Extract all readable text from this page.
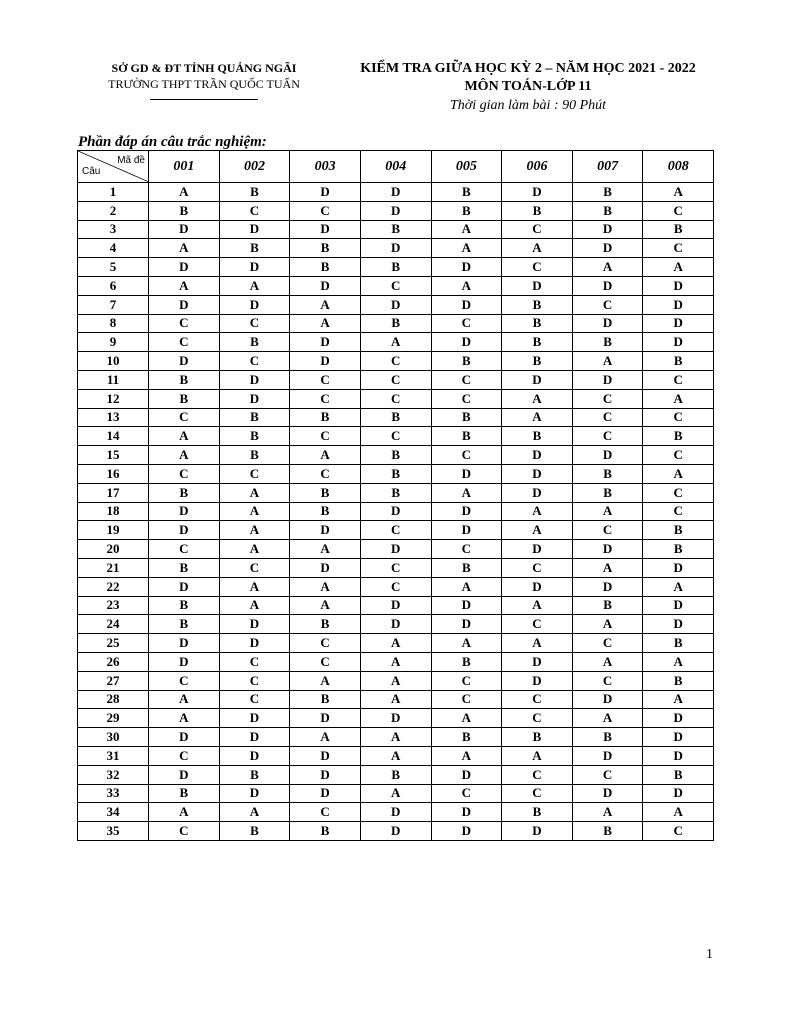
SỞ GD & ĐT TỈNH QUẢNG NGÃI
TRƯỜNG THPT TRẦN QUỐC TUẤN
KIỂM TRA GIỮA HỌC KỲ 2 – NĂM HỌC 2021 - 2022
MÔN TOÁN-LỚP 11
Thời gian làm bài : 90 Phút
Phần đáp án câu trắc nghiệm:
Mã đề
Câu	001	002	003	004	005	006	007	008
1	A	B	D	D	B	D	B	A
2	B	C	C	D	B	B	B	C
3	D	D	D	B	A	C	D	B
4	A	B	B	D	A	A	D	C
5	D	D	B	B	D	C	A	A
6	A	A	D	C	A	D	D	D
7	D	D	A	D	D	B	C	D
8	C	C	A	B	C	B	D	D
9	C	B	D	A	D	B	B	D
10	D	C	D	C	B	B	A	B
11	B	D	C	C	C	D	D	C
12	B	D	C	C	C	A	C	A
13	C	B	B	B	B	A	C	C
14	A	B	C	C	B	B	C	B
15	A	B	A	B	C	D	D	C
16	C	C	C	B	D	D	B	A
17	B	A	B	B	A	D	B	C
18	D	A	B	D	D	A	A	C
19	D	A	D	C	D	A	C	B
20	C	A	A	D	C	D	D	B
21	B	C	D	C	B	C	A	D
22	D	A	A	C	A	D	D	A
23	B	A	A	D	D	A	B	D
24	B	D	B	D	D	C	A	D
25	D	D	C	A	A	A	C	B
26	D	C	C	A	B	D	A	A
27	C	C	A	A	C	D	C	B
28	A	C	B	A	C	C	D	A
29	A	D	D	D	A	C	A	D
30	D	D	A	A	B	B	B	D
31	C	D	D	A	A	A	D	D
32	D	B	D	B	D	C	C	B
33	B	D	D	A	C	C	D	D
34	A	A	C	D	D	B	A	A
35	C	B	B	D	D	D	B	C
1
